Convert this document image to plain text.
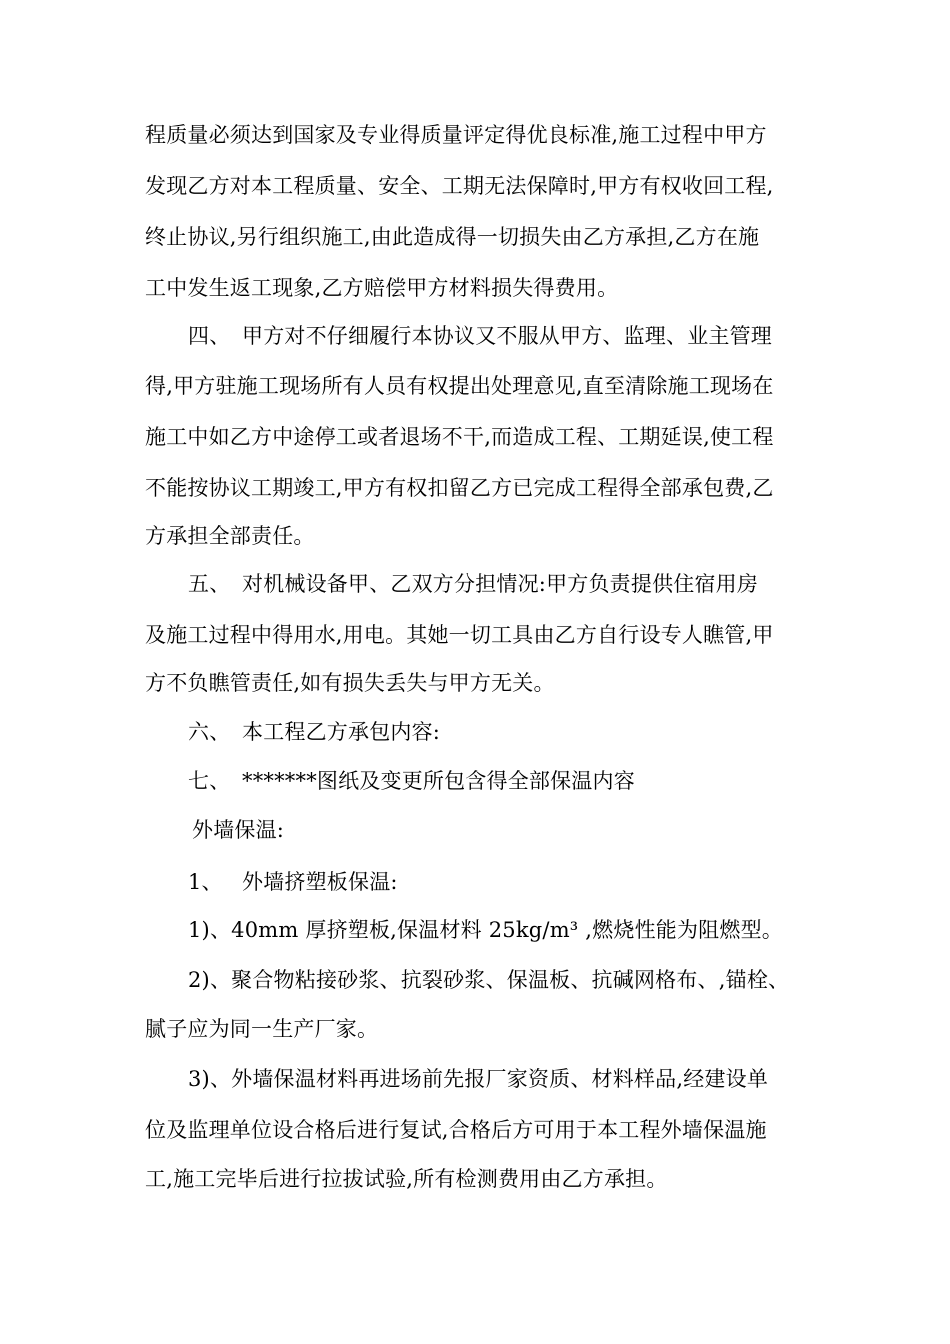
程质量必须达到国家及专业得质量评定得优良标准,施工过程中甲方
发现乙方对本工程质量、安全、工期无法保障时,甲方有权收回工程,
终止协议,另行组织施工,由此造成得一切损失由乙方承担,乙方在施
工中发生返工现象,乙方赔偿甲方材料损失得费用。
四、 甲方对不仔细履行本协议又不服从甲方、监理、业主管理
得,甲方驻施工现场所有人员有权提出处理意见,直至清除施工现场在
施工中如乙方中途停工或者退场不干,而造成工程、工期延误,使工程
不能按协议工期竣工,甲方有权扣留乙方已完成工程得全部承包费,乙
方承担全部责任。
五、 对机械设备甲、乙双方分担情况:甲方负责提供住宿用房
及施工过程中得用水,用电。其她一切工具由乙方自行设专人瞧管,甲
方不负瞧管责任,如有损失丢失与甲方无关。
六、 本工程乙方承包内容:
七、 *******图纸及变更所包含得全部保温内容
外墙保温:
1、 外墙挤塑板保温:
1)、40mm 厚挤塑板,保温材料 25kg/m³ ,燃烧性能为阻燃型。
2)、聚合物粘接砂浆、抗裂砂浆、保温板、抗碱网格布、,锚栓、
腻子应为同一生产厂家。
3)、外墙保温材料再进场前先报厂家资质、材料样品,经建设单
位及监理单位设合格后进行复试,合格后方可用于本工程外墙保温施
工,施工完毕后进行拉拔试验,所有检测费用由乙方承担。
